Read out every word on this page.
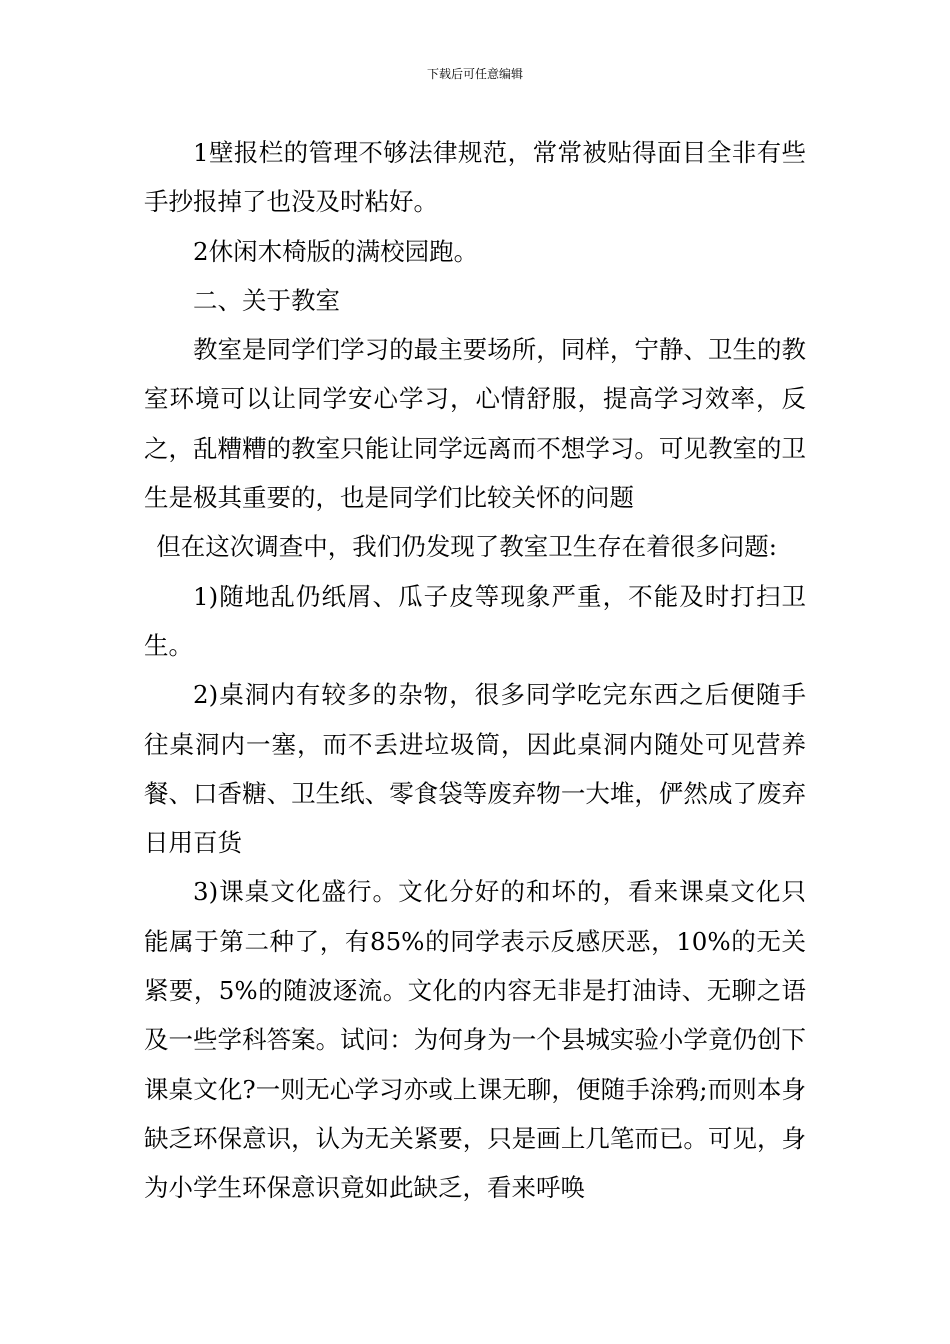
下载后可任意编辑

1壁报栏的管理不够法律规范，常常被贴得面目全非有些手抄报掉了也没及时粘好。

2休闲木椅版的满校园跑。

二、关于教室

教室是同学们学习的最主要场所，同样，宁静、卫生的教室环境可以让同学安心学习，心情舒服，提高学习效率，反之，乱糟糟的教室只能让同学远离而不想学习。可见教室的卫生是极其重要的，也是同学们比较关怀的问题

但在这次调查中，我们仍发现了教室卫生存在着很多问题:

1)随地乱仍纸屑、瓜子皮等现象严重，不能及时打扫卫生。

2)桌洞内有较多的杂物，很多同学吃完东西之后便随手往桌洞内一塞，而不丢进垃圾筒，因此桌洞内随处可见营养餐、口香糖、卫生纸、零食袋等废弃物一大堆，俨然成了废弃日用百货

3)课桌文化盛行。文化分好的和坏的，看来课桌文化只能属于第二种了，有85%的同学表示反感厌恶，10%的无关紧要，5%的随波逐流。文化的内容无非是打油诗、无聊之语及一些学科答案。试问：为何身为一个县城实验小学竟仍创下课桌文化?一则无心学习亦或上课无聊，便随手涂鸦;而则本身缺乏环保意识，认为无关紧要，只是画上几笔而已。可见，身为小学生环保意识竟如此缺乏，看来呼唤
